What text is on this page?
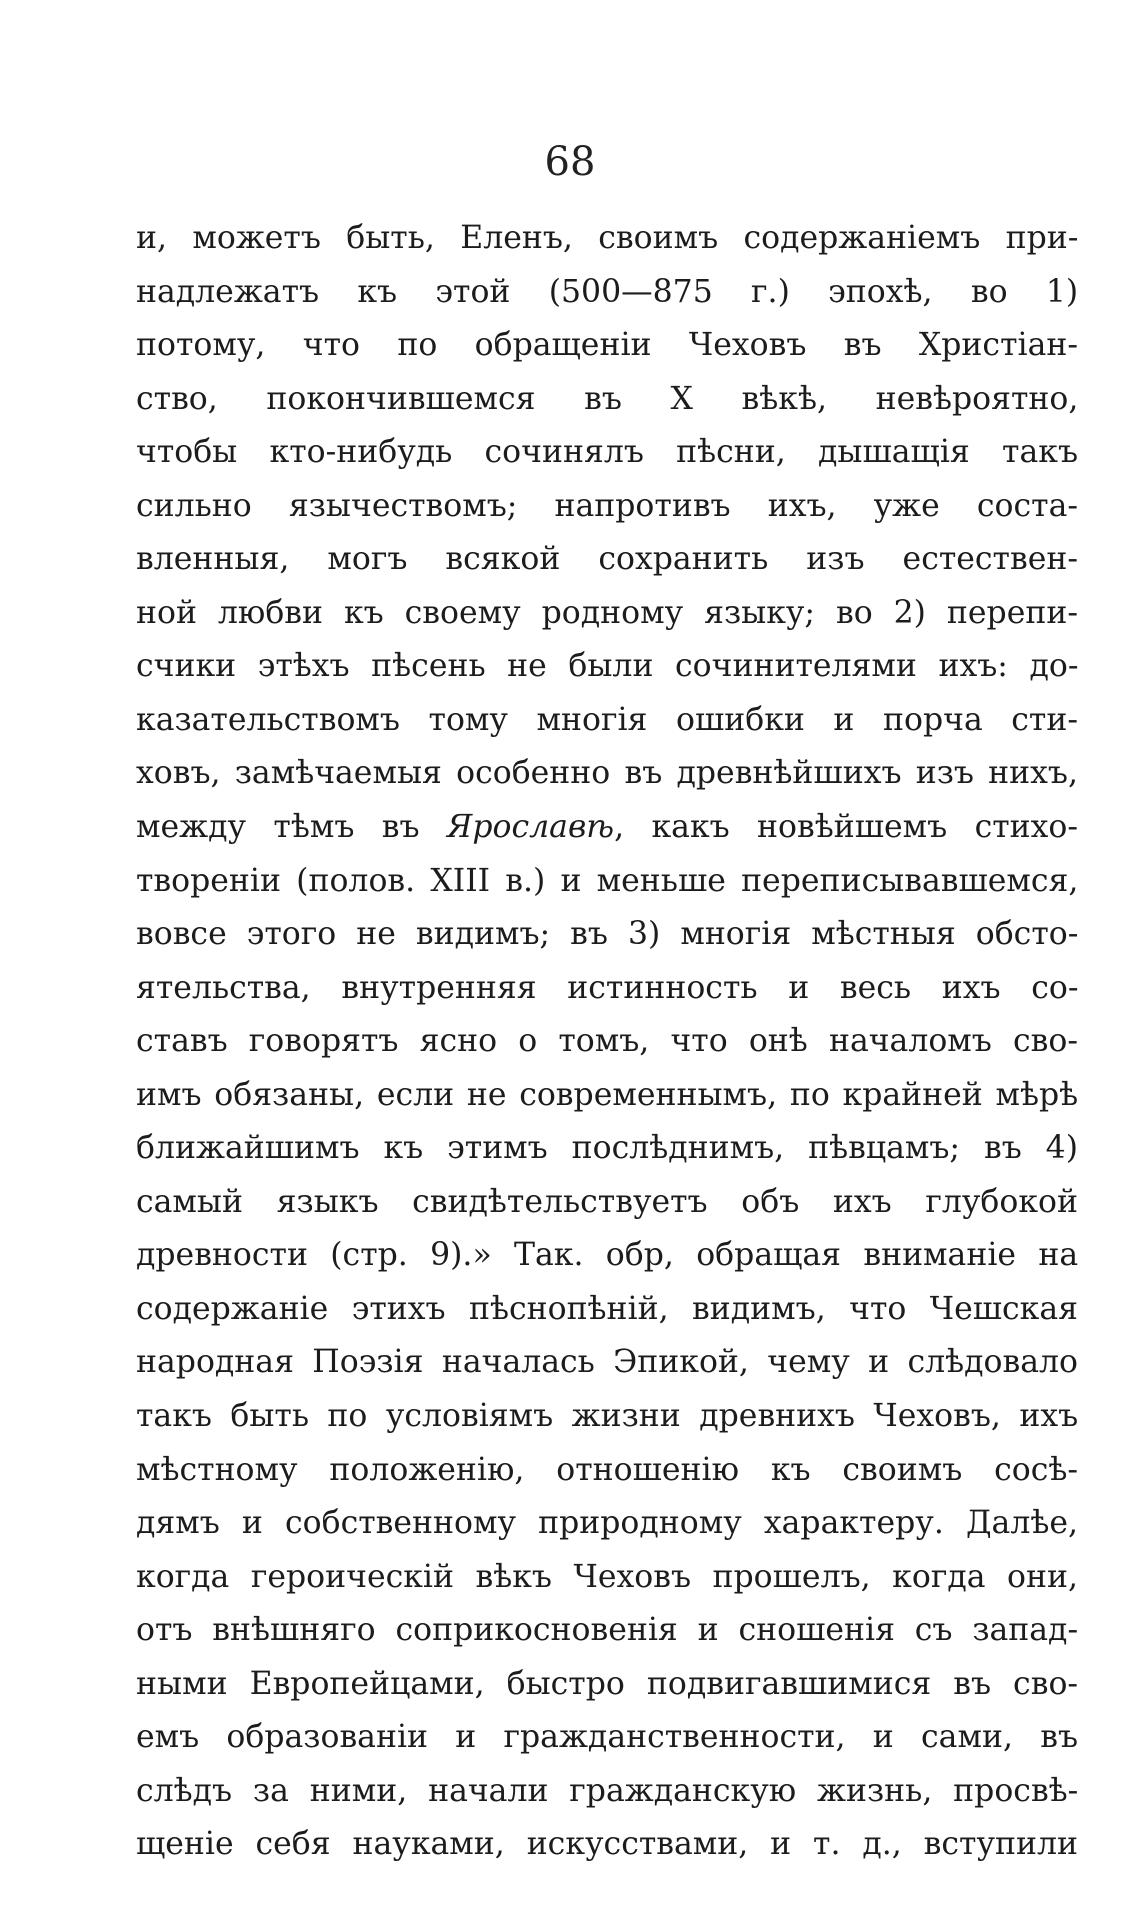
68
и, можетъ быть, Еленъ, своимъ содержаніемъ при-
надлежатъ къ этой (500—875 г.) эпохѣ, во 1)
потому, что по обращеніи Чеховъ въ Христіан-
ство, покончившемся въ X вѣкѣ, невѣроятно,
чтобы кто-нибудь сочинялъ пѣсни, дышащія такъ
сильно язычествомъ; напротивъ ихъ, уже соста-
вленныя, могъ всякой сохранить изъ естествен-
ной любви къ своему родному языку; во 2) перепи-
счики этѣхъ пѣсень не были сочинителями ихъ: до-
казательствомъ тому многія ошибки и порча сти-
ховъ, замѣчаемыя особенно въ древнѣйшихъ изъ нихъ,
между тѣмъ въ Ярославѣ, какъ новѣйшемъ стихо-
твореніи (полов. XIII в.) и меньше переписывавшемся,
вовсе этого не видимъ; въ 3) многія мѣстныя обсто-
ятельства, внутренняя истинность и весь ихъ со-
ставъ говорятъ ясно о томъ, что онѣ началомъ сво-
имъ обязаны, если не современнымъ, по крайней мѣрѣ
ближайшимъ къ этимъ послѣднимъ, пѣвцамъ; въ 4)
самый языкъ свидѣтельствуетъ объ ихъ глубокой
древности (стр. 9).» Так. обр, обращая вниманіе на
содержаніе этихъ пѣснопѣній, видимъ, что Чешская
народная Поэзія началась Эпикой, чему и слѣдовало
такъ быть по условіямъ жизни древнихъ Чеховъ, ихъ
мѣстному положенію, отношенію къ своимъ сосѣ-
дямъ и собственному природному характеру. Далѣе,
когда героическій вѣкъ Чеховъ прошелъ, когда они,
отъ внѣшняго соприкосновенія и сношенія съ запад-
ными Европейцами, быстро подвигавшимися въ сво-
емъ образованіи и гражданственности, и сами, въ
слѣдъ за ними, начали гражданскую жизнь, просвѣ-
щеніе себя науками, искусствами, и т. д., вступили
